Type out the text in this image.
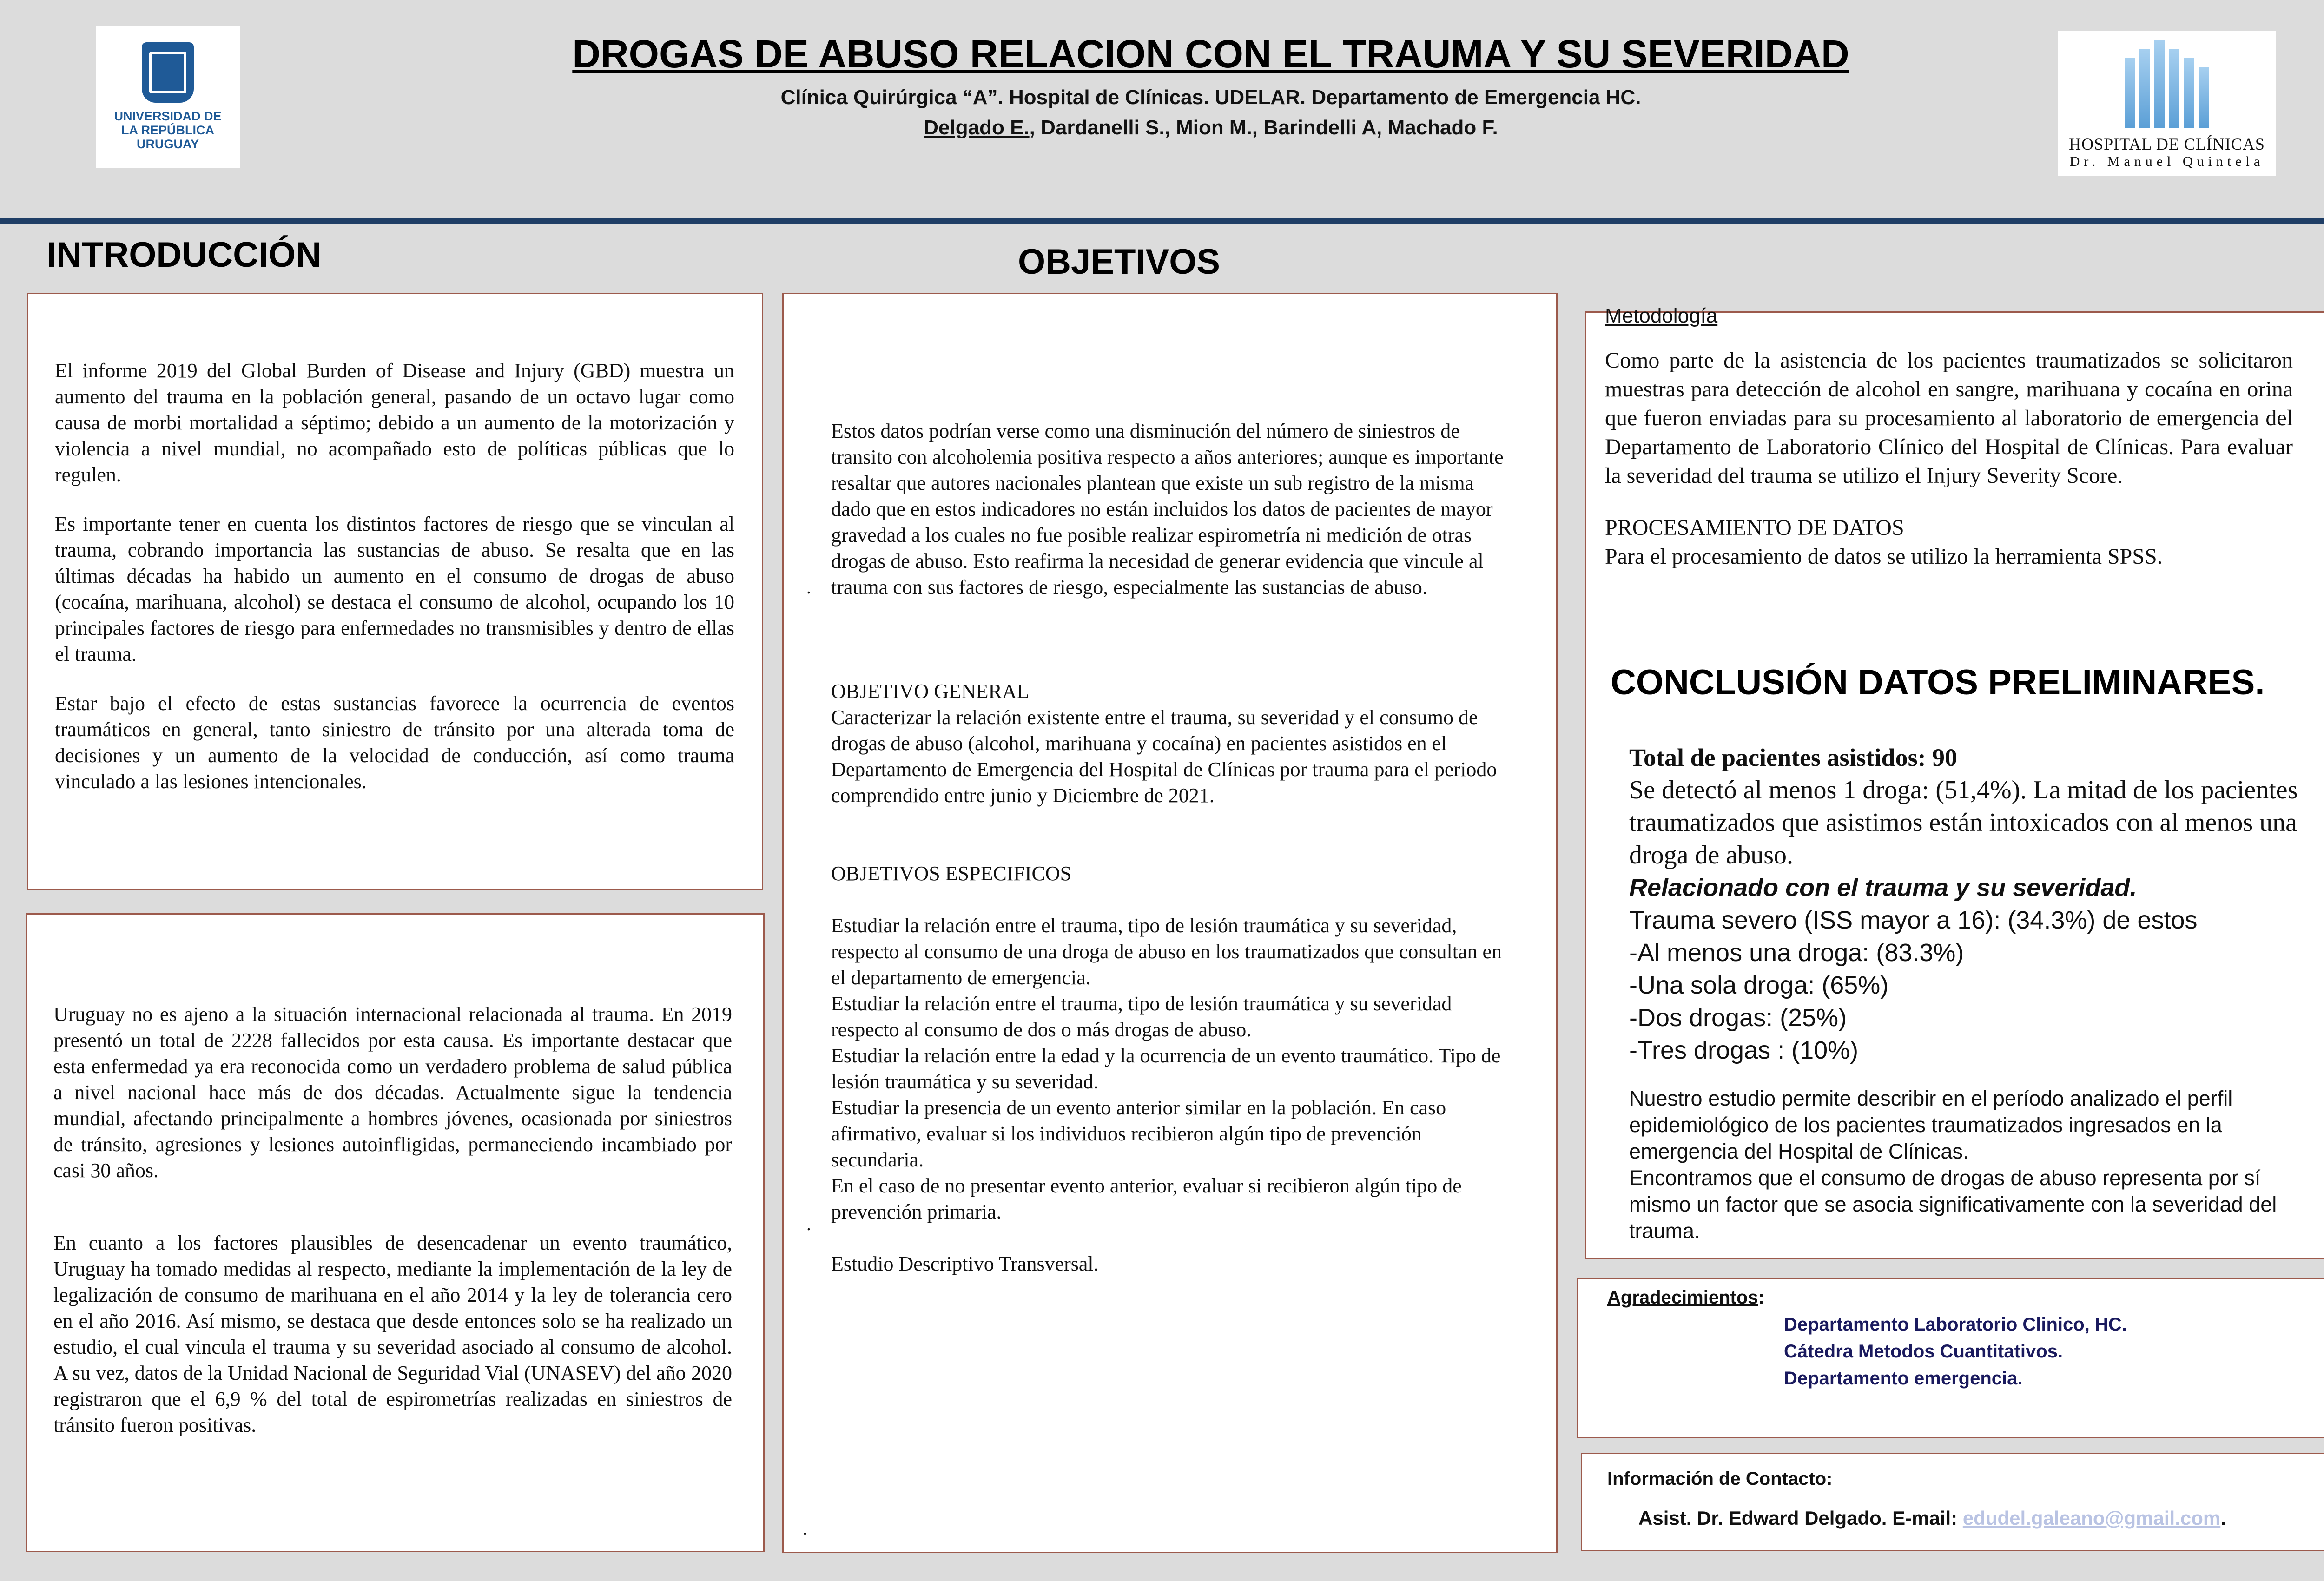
UNIVERSIDAD DE LA REPÚBLICA URUGUAY	HOSPITAL DE CLÍNICAS
Dr. Manuel Quintela
DROGAS DE ABUSO RELACION CON EL TRAUMA Y SU SEVERIDAD
Clínica Quirúrgica “A”. Hospital de Clínicas. UDELAR. Departamento de Emergencia HC.
Delgado E., Dardanelli S., Mion M., Barindelli A, Machado F.
INTRODUCCIÓN	OBJETIVOS

El informe 2019 del Global Burden of Disease and Injury (GBD) muestra un aumento del trauma en la población general, pasando de un octavo lugar como causa de morbi mortalidad a séptimo; debido a un aumento de la motorización y violencia a nivel mundial, no acompañado esto de políticas públicas que lo regulen.

Es importante tener en cuenta los distintos factores de riesgo que se vinculan al trauma, cobrando importancia las sustancias de abuso. Se resalta que en las últimas décadas ha habido un aumento en el consumo de drogas de abuso (cocaína, marihuana, alcohol) se destaca el consumo de alcohol, ocupando los 10 principales factores de riesgo para enfermedades no transmisibles y dentro de ellas el trauma.

Estar bajo el efecto de estas sustancias favorece la ocurrencia de eventos traumáticos en general, tanto siniestro de tránsito por una alterada toma de decisiones y un aumento de la velocidad de conducción, así como trauma vinculado a las lesiones intencionales.

Uruguay no es ajeno a la situación internacional relacionada al trauma. En 2019 presentó un total de 2228 fallecidos por esta causa. Es importante destacar que esta enfermedad ya era reconocida como un verdadero problema de salud pública a nivel nacional hace más de dos décadas. Actualmente sigue la tendencia mundial, afectando principalmente a hombres jóvenes, ocasionada por siniestros de tránsito, agresiones y lesiones autoinfligidas, permaneciendo incambiado por casi 30 años.

En cuanto a los factores plausibles de desencadenar un evento traumático, Uruguay ha tomado medidas al respecto, mediante la implementación de la ley de legalización de consumo de marihuana en el año 2014 y la ley de tolerancia cero en el año 2016. Así mismo, se destaca que desde entonces solo se ha realizado un estudio, el cual vincula el trauma y su severidad asociado al consumo de alcohol. A su vez, datos de la Unidad Nacional de Seguridad Vial (UNASEV) del año 2020 registraron que el 6,9 % del total de espirometrías realizadas en siniestros de tránsito fueron positivas.

.
.
.

Estos datos podrían verse como una disminución del número de siniestros de transito con alcoholemia positiva respecto a años anteriores; aunque es importante resaltar que autores nacionales plantean que existe un sub registro de la misma dado que en estos indicadores no están incluidos los datos de pacientes de mayor gravedad a los cuales no fue posible realizar espirometría ni medición de otras drogas de abuso. Esto reafirma la necesidad de generar evidencia que vincule al trauma con sus factores de riesgo, especialmente las sustancias de abuso.

OBJETIVO GENERAL

Caracterizar la relación existente entre el trauma, su severidad y el consumo de drogas de abuso (alcohol, marihuana y cocaína) en pacientes asistidos en el Departamento de Emergencia del Hospital de Clínicas por trauma para el periodo comprendido entre junio y Diciembre de 2021.

OBJETIVOS ESPECIFICOS
Estudiar la relación entre el trauma, tipo de lesión traumática y su severidad, respecto al consumo de una droga de abuso en los traumatizados que consultan en el departamento de emergencia.
Estudiar la relación entre el trauma, tipo de lesión traumática y su severidad respecto al consumo de dos o más drogas de abuso.
Estudiar la relación entre la edad y la ocurrencia de un evento traumático. Tipo de lesión traumática y su severidad.
Estudiar la presencia de un evento anterior similar en la población. En caso afirmativo, evaluar si los individuos recibieron algún tipo de prevención secundaria.
En el caso de no presentar evento anterior, evaluar si recibieron algún tipo de prevención primaria.
Estudio Descriptivo Transversal.
Metodología

Como parte de la asistencia de los pacientes traumatizados se solicitaron muestras para detección de alcohol en sangre, marihuana y cocaína en orina que fueron enviadas para su procesamiento al laboratorio de emergencia del Departamento de Laboratorio Clínico del Hospital de Clínicas. Para evaluar la severidad del trauma se utilizo el Injury Severity Score.

PROCESAMIENTO DE DATOS
Para el procesamiento de datos se utilizo la herramienta SPSS.
CONCLUSIÓN DATOS PRELIMINARES.
Total de pacientes asistidos: 90
Se detectó al menos 1 droga: (51,4%). La mitad de los pacientes traumatizados que asistimos están intoxicados con al menos una droga de abuso.
Relacionado con el trauma y su severidad.
Trauma severo (ISS mayor a 16): (34.3%) de estos
-Al menos una droga: (83.3%)
-Una sola droga: (65%)
-Dos drogas: (25%)
-Tres drogas : (10%)
Nuestro estudio permite describir en el período analizado el perfil epidemiológico de los pacientes traumatizados ingresados en la emergencia del Hospital de Clínicas.
Encontramos que el consumo de drogas de abuso representa por sí mismo un factor que se asocia significativamente con la severidad del trauma.
Agradecimientos:
Departamento Laboratorio Clinico, HC.
Cátedra Metodos Cuantitativos.
Departamento emergencia.
Información de Contacto:
Asist. Dr. Edward Delgado. E-mail: edudel.galeano@gmail.com.
